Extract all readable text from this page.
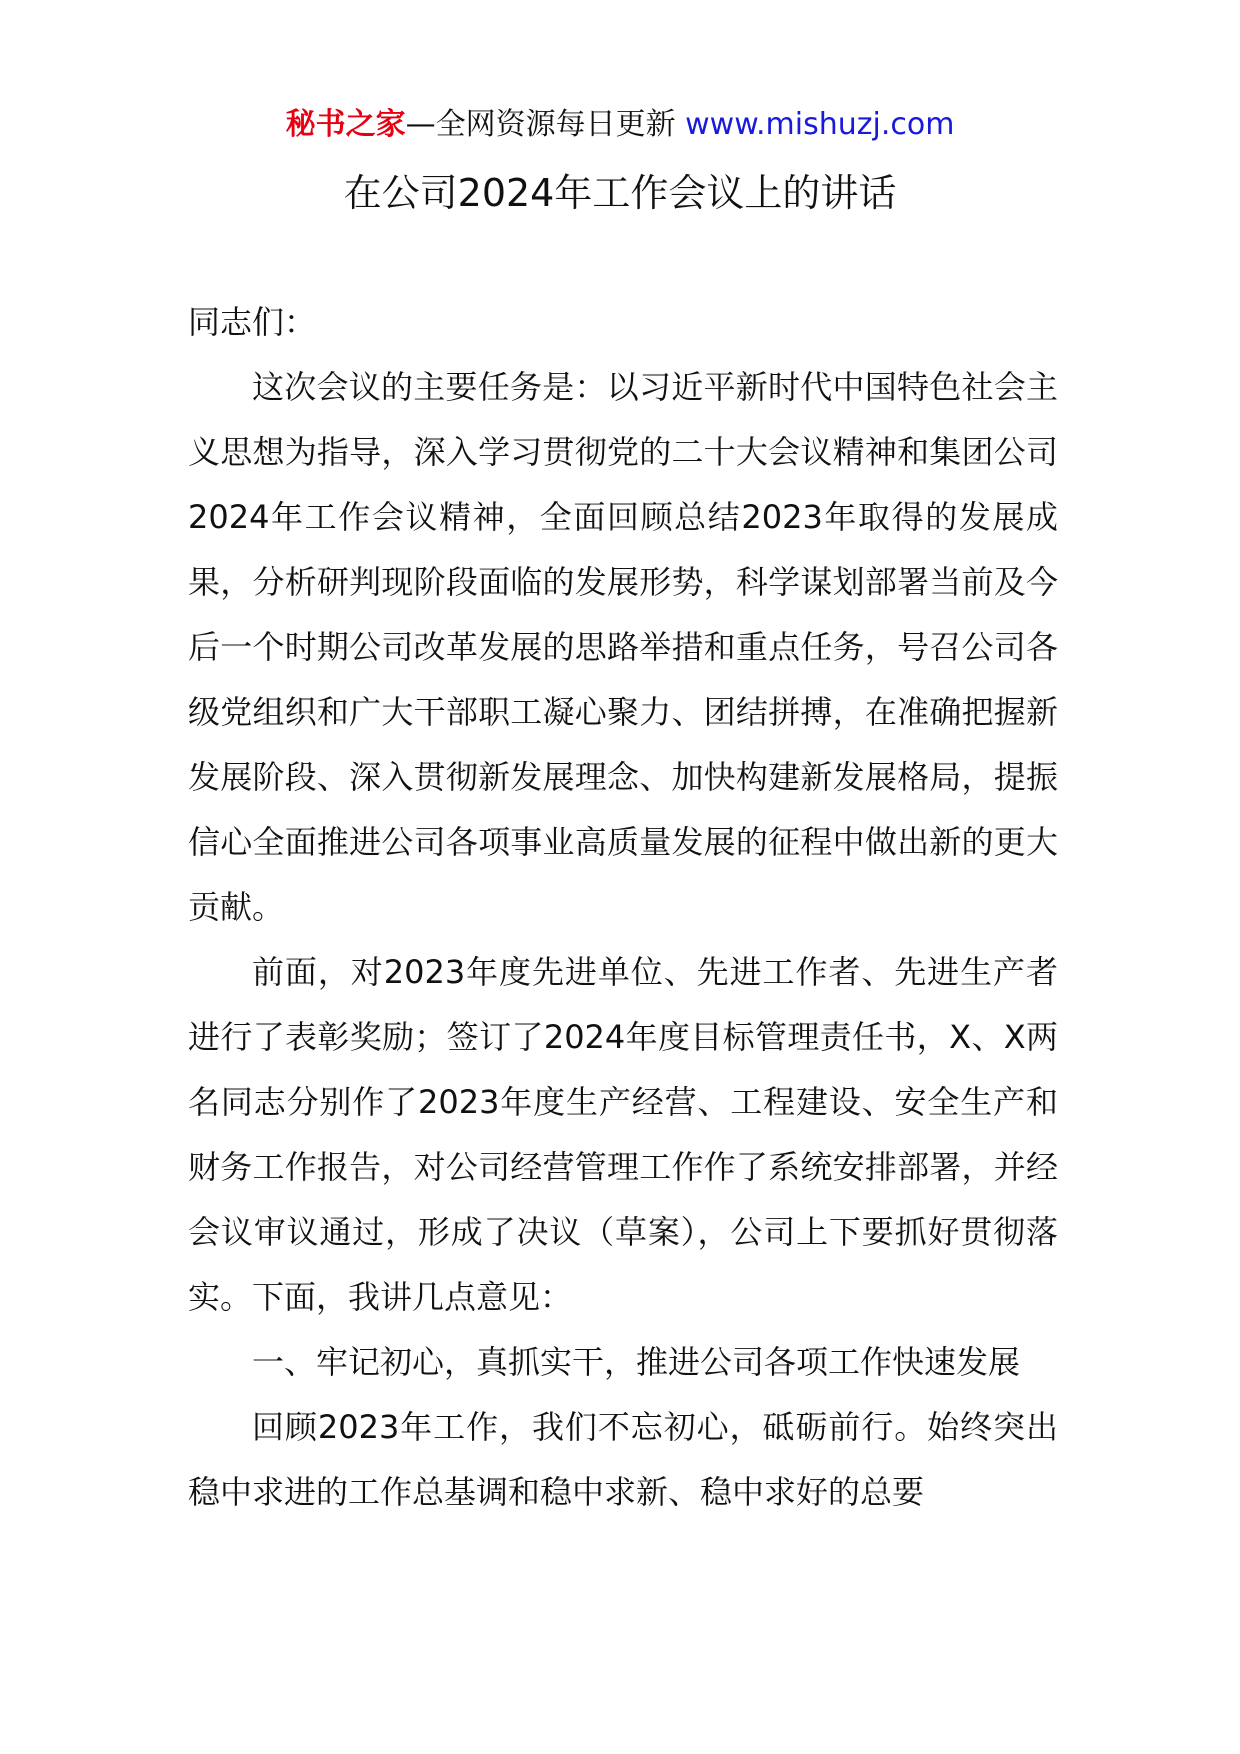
秘书之家—全网资源每日更新 www.mishuzj.com
在公司2024年工作会议上的讲话

同志们：

这次会议的主要任务是：以习近平新时代中国特色社会主义思想为指导，深入学习贯彻党的二十大会议精神和集团公司2024年工作会议精神，全面回顾总结2023年取得的发展成果，分析研判现阶段面临的发展形势，科学谋划部署当前及今后一个时期公司改革发展的思路举措和重点任务，号召公司各级党组织和广大干部职工凝心聚力、团结拼搏，在准确把握新发展阶段、深入贯彻新发展理念、加快构建新发展格局，提振信心全面推进公司各项事业高质量发展的征程中做出新的更大贡献。

前面，对2023年度先进单位、先进工作者、先进生产者进行了表彰奖励；签订了2024年度目标管理责任书，X、X两名同志分别作了2023年度生产经营、工程建设、安全生产和财务工作报告，对公司经营管理工作作了系统安排部署，并经会议审议通过，形成了决议（草案），公司上下要抓好贯彻落实。下面，我讲几点意见：

一、牢记初心，真抓实干，推进公司各项工作快速发展

回顾2023年工作，我们不忘初心，砥砺前行。始终突出稳中求进的工作总基调和稳中求新、稳中求好的总要
